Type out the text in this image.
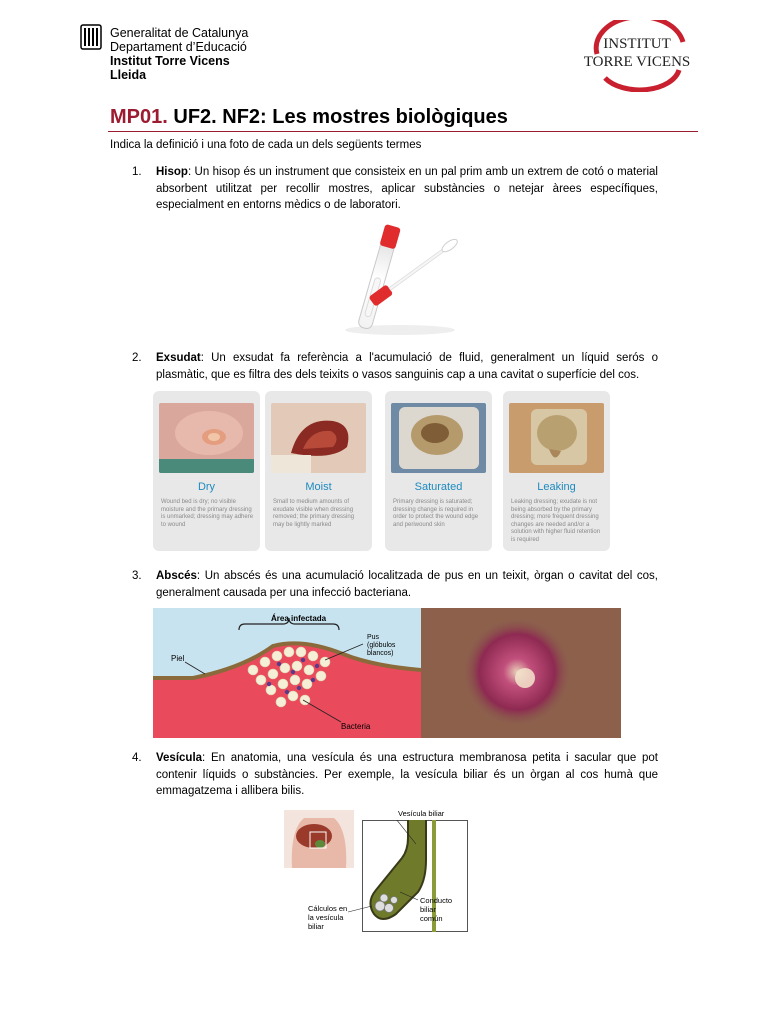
Generalitat de Catalunya
Departament d’Educació
Institut Torre Vicens
Lleida
INSTITUT
TORRE VICENS
MP01. UF2. NF2: Les mostres biològiques
Indica la definició i una foto de cada un dels següents termes
1.	Hisop: Un hisop és un instrument que consisteix en un pal prim amb un extrem de cotó o material absorbent utilitzat per recollir mostres, aplicar substàncies o netejar àrees específiques, especialment en entorns mèdics o de laboratori.
2.	Exsudat: Un exsudat fa referència a l'acumulació de fluid, generalment un líquid serós o plasmàtic, que es filtra des dels teixits o vasos sanguinis cap a una cavitat o superfície del cos.
Dry
Wound bed is dry; no visible moisture and the primary dressing is unmarked; dressing may adhere to wound
Moist
Small to medium amounts of exudate visible when dressing removed; the primary dressing may be lightly marked
Saturated
Primary dressing is saturated; dressing change is required in order to protect the wound edge and periwound skin
Leaking
Leaking dressing; exudate is not being absorbed by the primary dressing; more frequent dressing changes are needed and/or a solution with higher fluid retention is required
3.	Abscés: Un abscés és una acumulació localitzada de pus en un teixit, òrgan o cavitat del cos, generalment causada per una infecció bacteriana.
Área infectada
Pus
(glóbulos
blancos)
Piel
Bacteria
4.	Vesícula: En anatomia, una vesícula és una estructura membranosa petita i sacular que pot contenir líquids o substàncies. Per exemple, la vesícula biliar és un òrgan al cos humà que emmagatzema i allibera bilis.
Vesícula biliar
Cálculos en
la vesícula
biliar
Conducto
biliar
común
